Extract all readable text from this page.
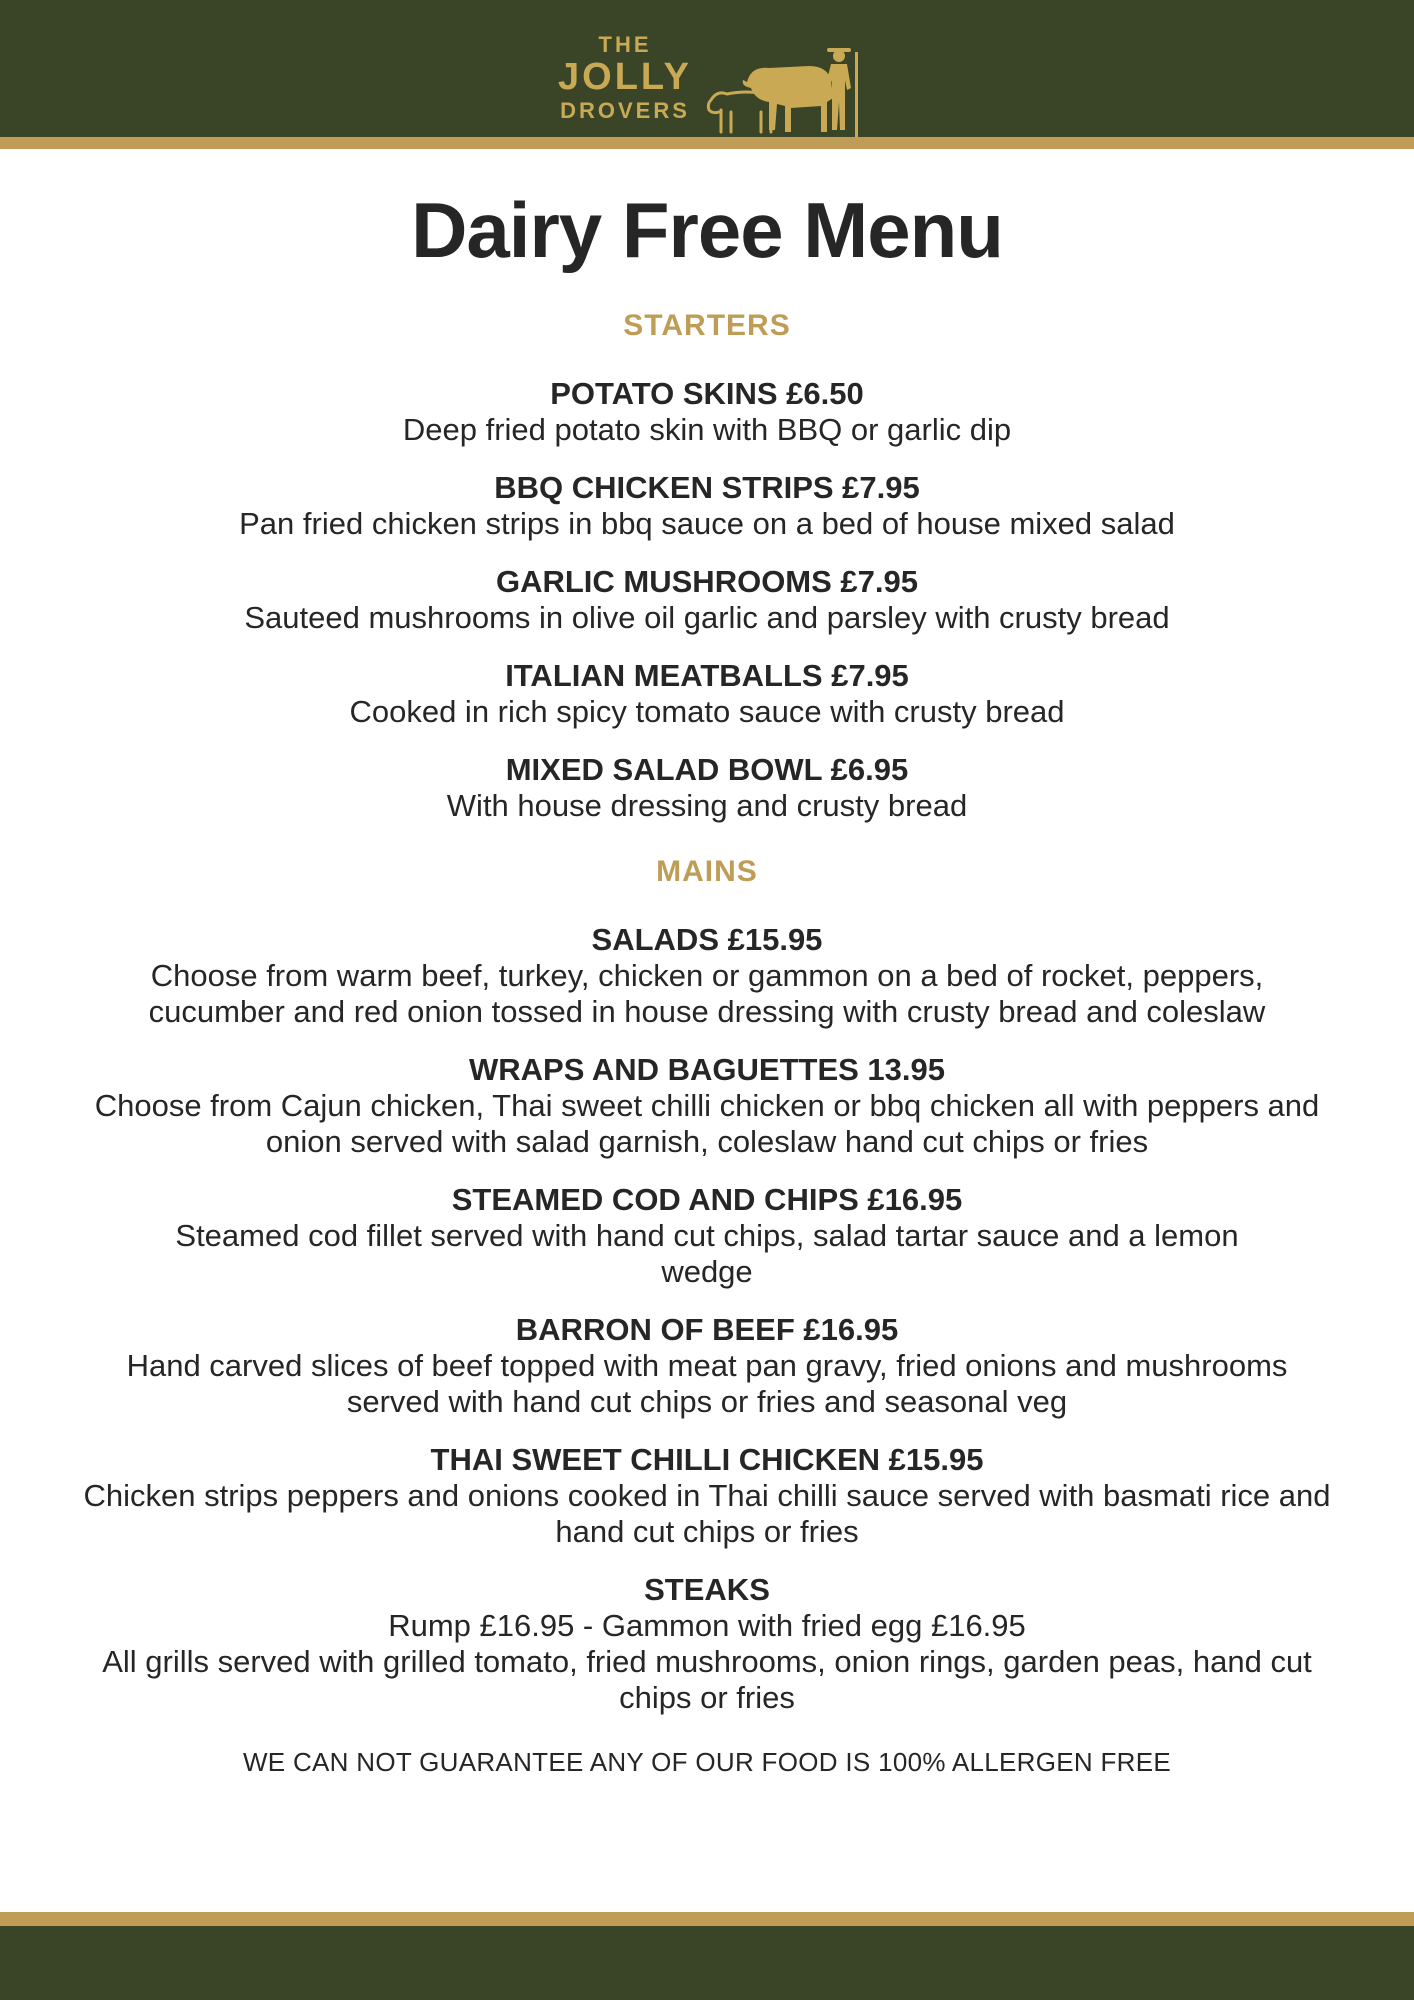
THE
JOLLY
DROVERS
Dairy Free Menu
STARTERS
POTATO SKINS £6.50
Deep fried potato skin with BBQ or garlic dip
BBQ CHICKEN STRIPS £7.95
Pan fried chicken strips in bbq sauce on a bed of house mixed salad
GARLIC MUSHROOMS £7.95
Sauteed mushrooms in olive oil garlic and parsley with crusty bread
ITALIAN MEATBALLS £7.95
Cooked in rich spicy tomato sauce with crusty bread
MIXED SALAD BOWL £6.95
With house dressing and crusty bread
MAINS
SALADS £15.95
Choose from warm beef, turkey, chicken or gammon on a bed of rocket, peppers, cucumber and red onion tossed in house dressing with crusty bread and coleslaw
WRAPS AND BAGUETTES 13.95
Choose from Cajun chicken, Thai sweet chilli chicken or bbq chicken all with peppers and onion served with salad garnish, coleslaw hand cut chips or fries
STEAMED COD AND CHIPS £16.95
Steamed cod fillet served with hand cut chips, salad tartar sauce and a lemon wedge
BARRON OF BEEF £16.95
Hand carved slices of beef topped with meat pan gravy, fried onions and mushrooms served with hand cut chips or fries and seasonal veg
THAI SWEET CHILLI CHICKEN £15.95
Chicken strips peppers and onions cooked in Thai chilli sauce served with basmati rice and hand cut chips or fries
STEAKS
Rump £16.95 - Gammon with fried egg £16.95
All grills served with grilled tomato, fried mushrooms, onion rings, garden peas, hand cut chips or fries
WE CAN NOT GUARANTEE ANY OF OUR FOOD IS 100% ALLERGEN FREE
